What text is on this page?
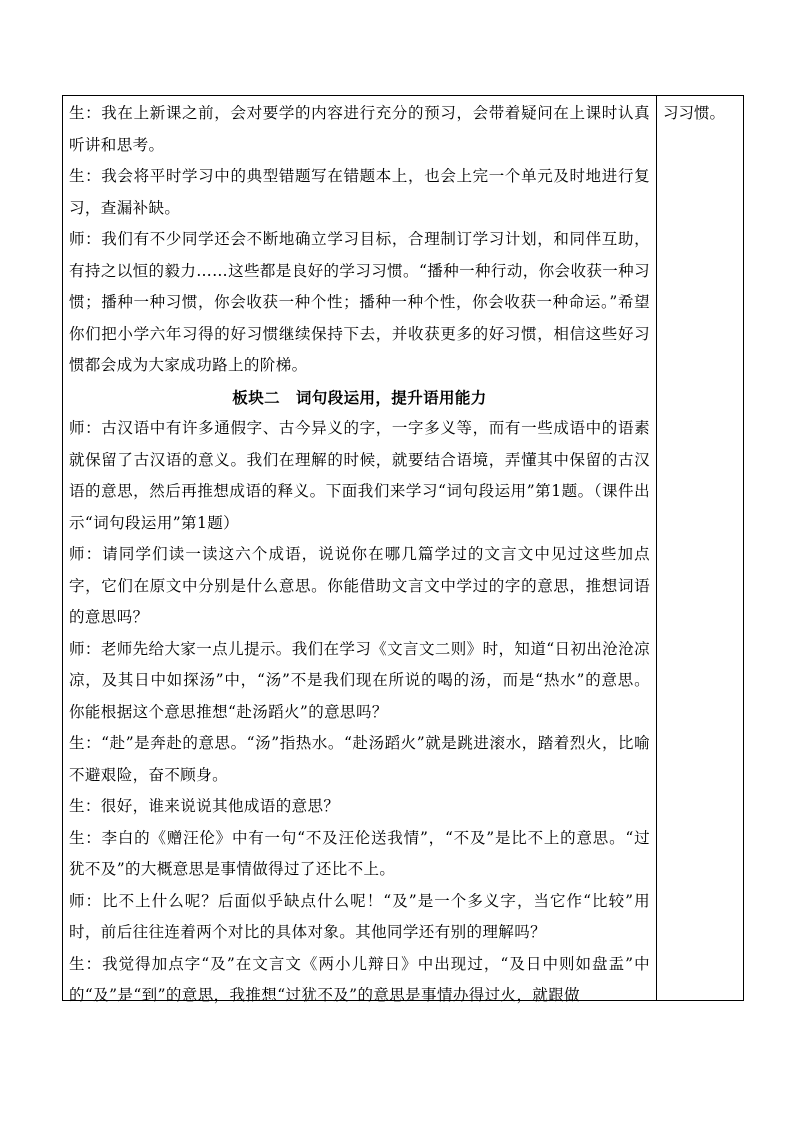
生：我在上新课之前，会对要学的内容进行充分的预习，会带着疑问在上课时认真听讲和思考。

生：我会将平时学习中的典型错题写在错题本上，也会上完一个单元及时地进行复习，查漏补缺。

师：我们有不少同学还会不断地确立学习目标，合理制订学习计划，和同伴互助，有持之以恒的毅力……这些都是良好的学习习惯。“播种一种行动，你会收获一种习惯；播种一种习惯，你会收获一种个性；播种一种个性，你会收获一种命运。”希望你们把小学六年习得的好习惯继续保持下去，并收获更多的好习惯，相信这些好习惯都会成为大家成功路上的阶梯。

板块二　词句段运用，提升语用能力

师：古汉语中有许多通假字、古今异义的字，一字多义等，而有一些成语中的语素就保留了古汉语的意义。我们在理解的时候，就要结合语境，弄懂其中保留的古汉语的意思，然后再推想成语的释义。下面我们来学习“词句段运用”第1题。（课件出示“词句段运用”第1题）

师：请同学们读一读这六个成语，说说你在哪几篇学过的文言文中见过这些加点字，它们在原文中分别是什么意思。你能借助文言文中学过的字的意思，推想词语的意思吗？

师：老师先给大家一点儿提示。我们在学习《文言文二则》时，知道“日初出沧沧凉凉，及其日中如探汤”中，“汤”不是我们现在所说的喝的汤，而是“热水”的意思。你能根据这个意思推想“赴汤蹈火”的意思吗？

生：“赴”是奔赴的意思。“汤”指热水。“赴汤蹈火”就是跳进滚水，踏着烈火，比喻不避艰险，奋不顾身。

生：很好，谁来说说其他成语的意思？

生：李白的《赠汪伦》中有一句“不及汪伦送我情”，“不及”是比不上的意思。“过犹不及”的大概意思是事情做得过了还比不上。

师：比不上什么呢？后面似乎缺点什么呢！“及”是一个多义字，当它作“比较”用时，前后往往连着两个对比的具体对象。其他同学还有别的理解吗？

生：我觉得加点字“及”在文言文《两小儿辩日》中出现过，“及日中则如盘盂”中的“及”是“到”的意思，我推想“过犹不及”的意思是事情办得过火，就跟做

习习惯。
